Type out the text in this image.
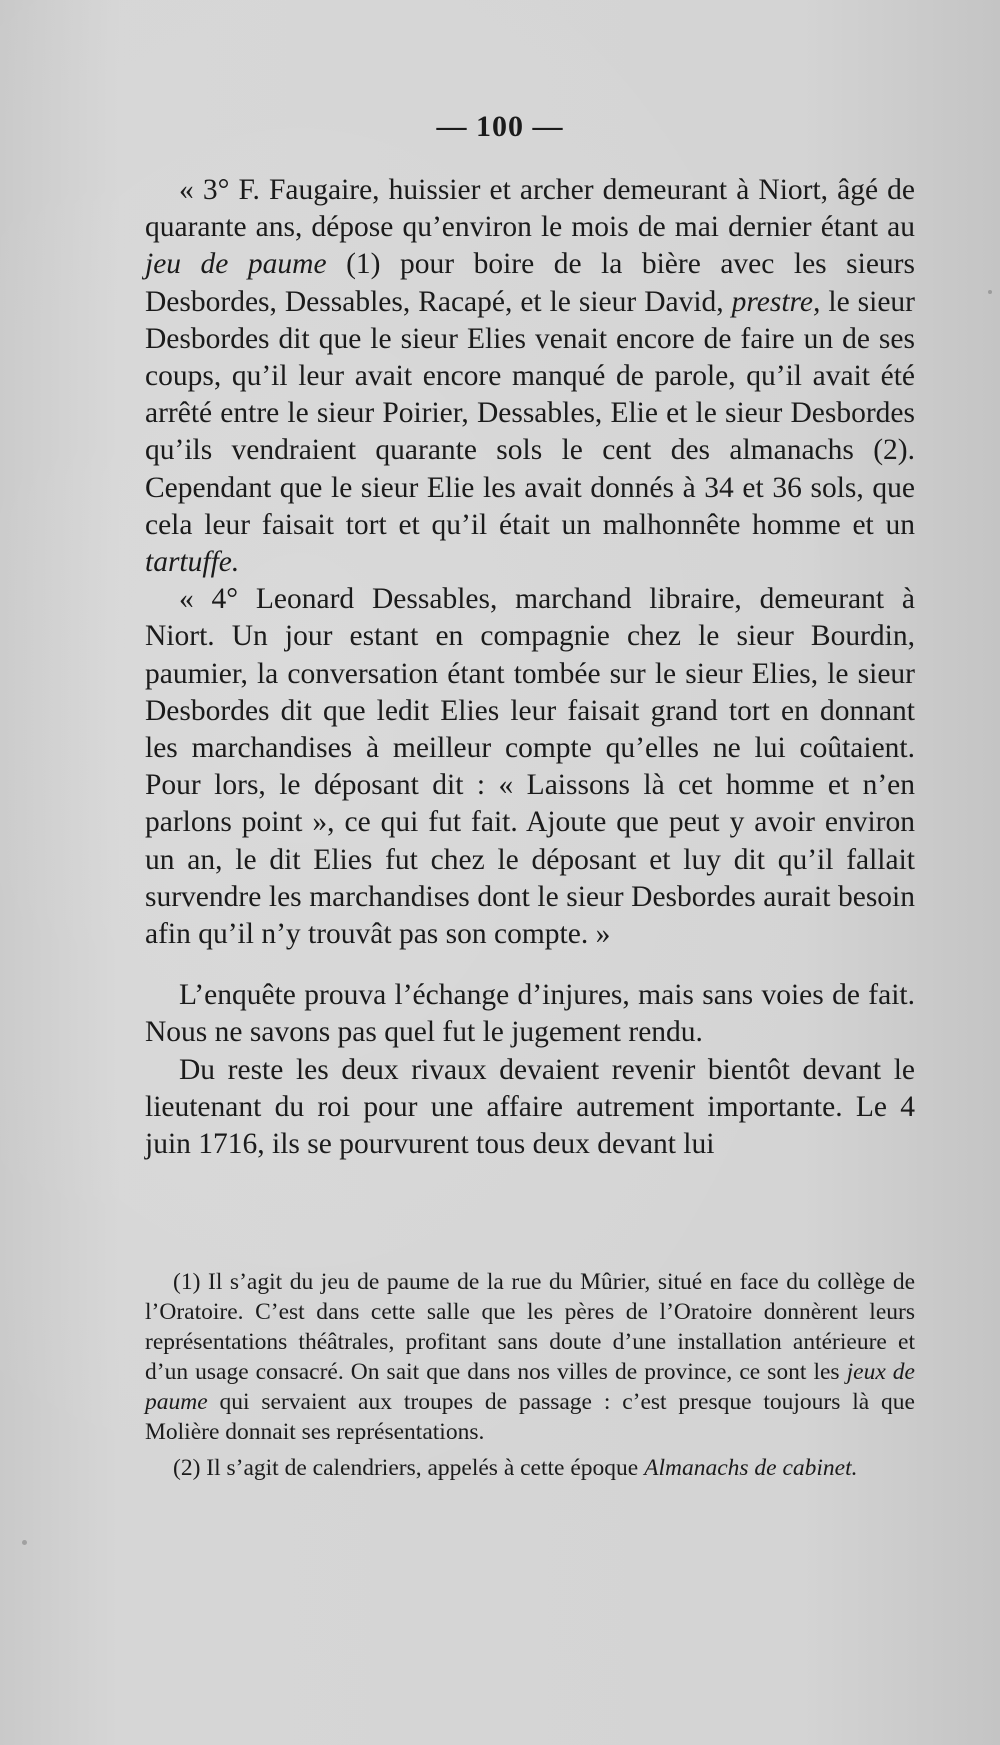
— 100 —

« 3° F. Faugaire, huissier et archer demeurant à Niort, âgé de quarante ans, dépose qu’environ le mois de mai dernier étant au jeu de paume (1) pour boire de la bière avec les sieurs Desbordes, Dessables, Racapé, et le sieur David, prestre, le sieur Desbordes dit que le sieur Elies venait encore de faire un de ses coups, qu’il leur avait encore manqué de parole, qu’il avait été arrêté entre le sieur Poirier, Dessables, Elie et le sieur Desbordes qu’ils vendraient quarante sols le cent des almanachs (2). Cependant que le sieur Elie les avait donnés à 34 et 36 sols, que cela leur faisait tort et qu’il était un malhonnête homme et un tartuffe.

« 4° Leonard Dessables, marchand libraire, demeurant à Niort. Un jour estant en compagnie chez le sieur Bourdin, paumier, la conversation étant tombée sur le sieur Elies, le sieur Desbordes dit que ledit Elies leur faisait grand tort en donnant les marchandises à meilleur compte qu’elles ne lui coûtaient. Pour lors, le déposant dit : « Laissons là cet homme et n’en parlons point », ce qui fut fait. Ajoute que peut y avoir environ un an, le dit Elies fut chez le déposant et luy dit qu’il fallait survendre les marchandises dont le sieur Desbordes aurait besoin afin qu’il n’y trouvât pas son compte. »

L’enquête prouva l’échange d’injures, mais sans voies de fait. Nous ne savons pas quel fut le jugement rendu.

Du reste les deux rivaux devaient revenir bientôt devant le lieutenant du roi pour une affaire autrement importante. Le 4 juin 1716, ils se pourvurent tous deux devant lui

(1) Il s’agit du jeu de paume de la rue du Mûrier, situé en face du collège de l’Oratoire. C’est dans cette salle que les pères de l’Oratoire donnèrent leurs représentations théâtrales, profitant sans doute d’une installation antérieure et d’un usage consacré. On sait que dans nos villes de province, ce sont les jeux de paume qui servaient aux troupes de passage : c’est presque toujours là que Molière donnait ses représentations.

(2) Il s’agit de calendriers, appelés à cette époque Almanachs de cabinet.
